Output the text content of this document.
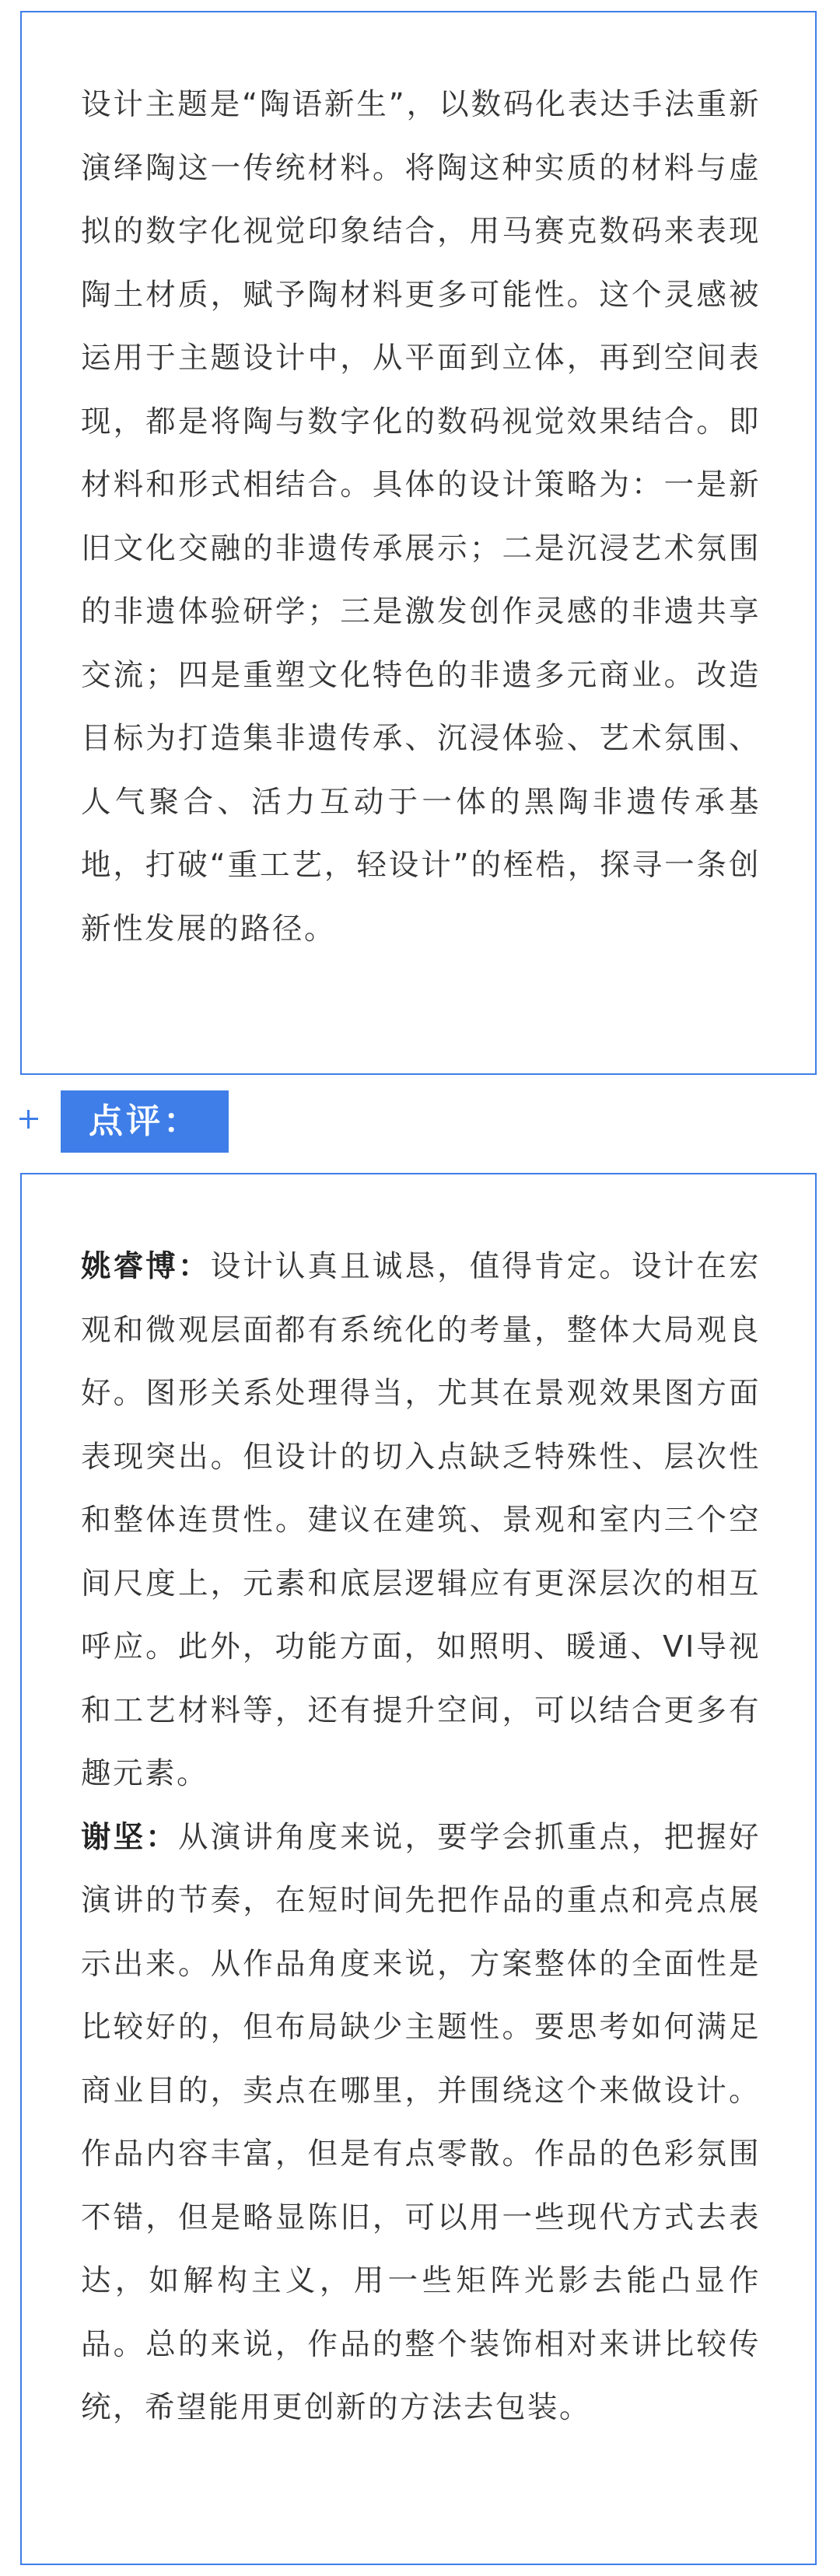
设计主题是“陶语新生”，以数码化表达手法重新演绎陶这一传统材料。将陶这种实质的材料与虚拟的数字化视觉印象结合，用马赛克数码来表现陶土材质，赋予陶材料更多可能性。这个灵感被运用于主题设计中，从平面到立体，再到空间表现，都是将陶与数字化的数码视觉效果结合。即材料和形式相结合。具体的设计策略为：一是新旧文化交融的非遗传承展示；二是沉浸艺术氛围的非遗体验研学；三是激发创作灵感的非遗共享交流；四是重塑文化特色的非遗多元商业。改造目标为打造集非遗传承、沉浸体验、艺术氛围、人气聚合、活力互动于一体的黑陶非遗传承基地，打破“重工艺，轻设计”的桎梏，探寻一条创新性发展的路径。

点评：

姚睿博：设计认真且诚恳，值得肯定。设计在宏观和微观层面都有系统化的考量，整体大局观良好。图形关系处理得当，尤其在景观效果图方面表现突出。但设计的切入点缺乏特殊性、层次性和整体连贯性。建议在建筑、景观和室内三个空间尺度上，元素和底层逻辑应有更深层次的相互呼应。此外，功能方面，如照明、暖通、VI导视和工艺材料等，还有提升空间，可以结合更多有趣元素。

谢坚：从演讲角度来说，要学会抓重点，把握好演讲的节奏，在短时间先把作品的重点和亮点展示出来。从作品角度来说，方案整体的全面性是比较好的，但布局缺少主题性。要思考如何满足商业目的，卖点在哪里，并围绕这个来做设计。作品内容丰富，但是有点零散。作品的色彩氛围不错，但是略显陈旧，可以用一些现代方式去表达，如解构主义，用一些矩阵光影去能凸显作品。总的来说，作品的整个装饰相对来讲比较传统，希望能用更创新的方法去包装。
